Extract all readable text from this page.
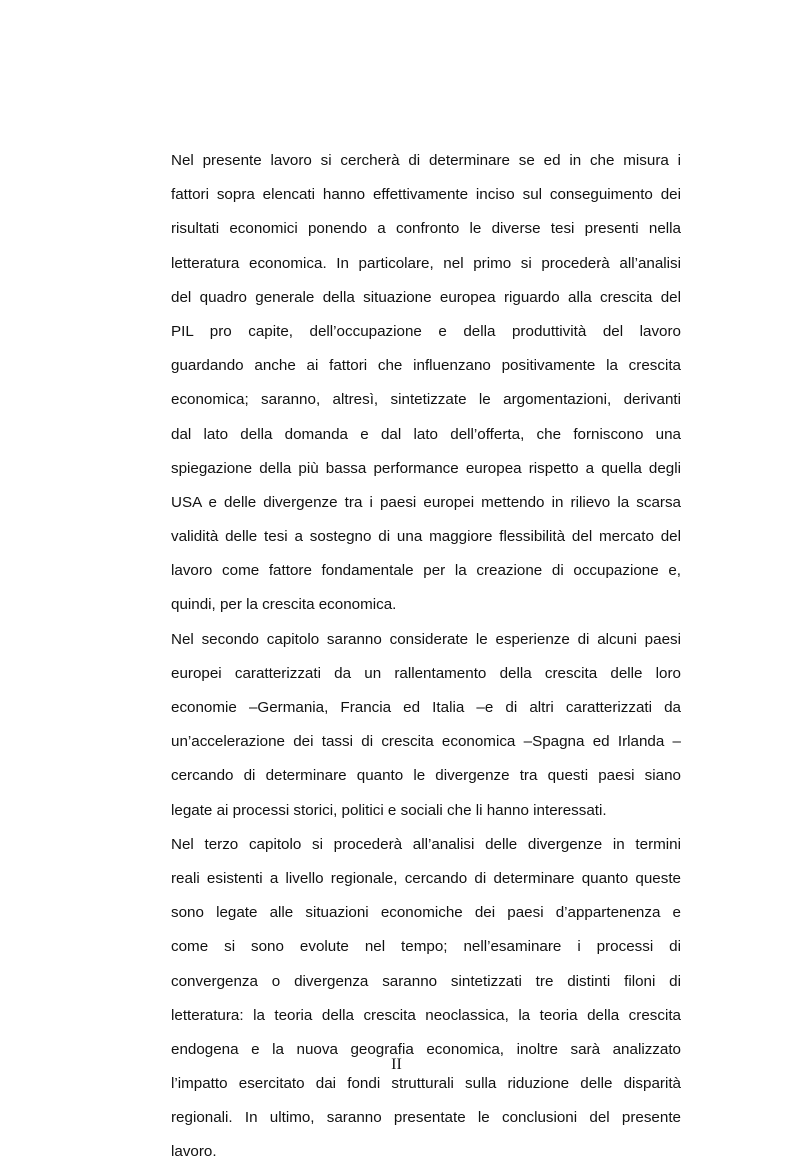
Nel presente lavoro si cercherà di determinare se ed in che misura i
fattori sopra elencati hanno effettivamente inciso sul conseguimento dei
risultati economici ponendo a confronto le diverse tesi presenti nella
letteratura economica. In particolare, nel primo si procederà all’analisi
del quadro generale della situazione europea riguardo alla crescita del
PIL pro capite, dell’occupazione e della produttività del lavoro
guardando anche ai fattori che influenzano positivamente la crescita
economica; saranno, altresì, sintetizzate le argomentazioni, derivanti
dal lato della domanda e dal lato dell’offerta, che forniscono una
spiegazione della più bassa performance europea rispetto a quella degli
USA e delle divergenze tra i paesi europei mettendo in rilievo la scarsa
validità delle tesi a sostegno di una maggiore flessibilità del mercato del
lavoro come fattore fondamentale per la creazione di occupazione e,
quindi, per la crescita economica.
Nel secondo capitolo saranno considerate le esperienze di alcuni paesi
europei caratterizzati da un rallentamento della crescita delle loro
economie –Germania, Francia ed Italia –e di altri caratterizzati da
un’accelerazione dei tassi di crescita economica –Spagna ed Irlanda –
cercando di determinare quanto le divergenze tra questi paesi siano
legate ai processi storici, politici e sociali che li hanno interessati.
Nel terzo capitolo si procederà all’analisi delle divergenze in termini
reali esistenti a livello regionale, cercando di determinare quanto queste
sono legate alle situazioni economiche dei paesi d’appartenenza e
come si sono evolute nel tempo; nell’esaminare i processi di
convergenza o divergenza saranno sintetizzati tre distinti filoni di
letteratura: la teoria della crescita neoclassica, la teoria della crescita
endogena e la nuova geografia economica, inoltre sarà analizzato
l’impatto esercitato dai fondi strutturali sulla riduzione delle disparità
regionali. In ultimo, saranno presentate le conclusioni del presente
lavoro.
II
